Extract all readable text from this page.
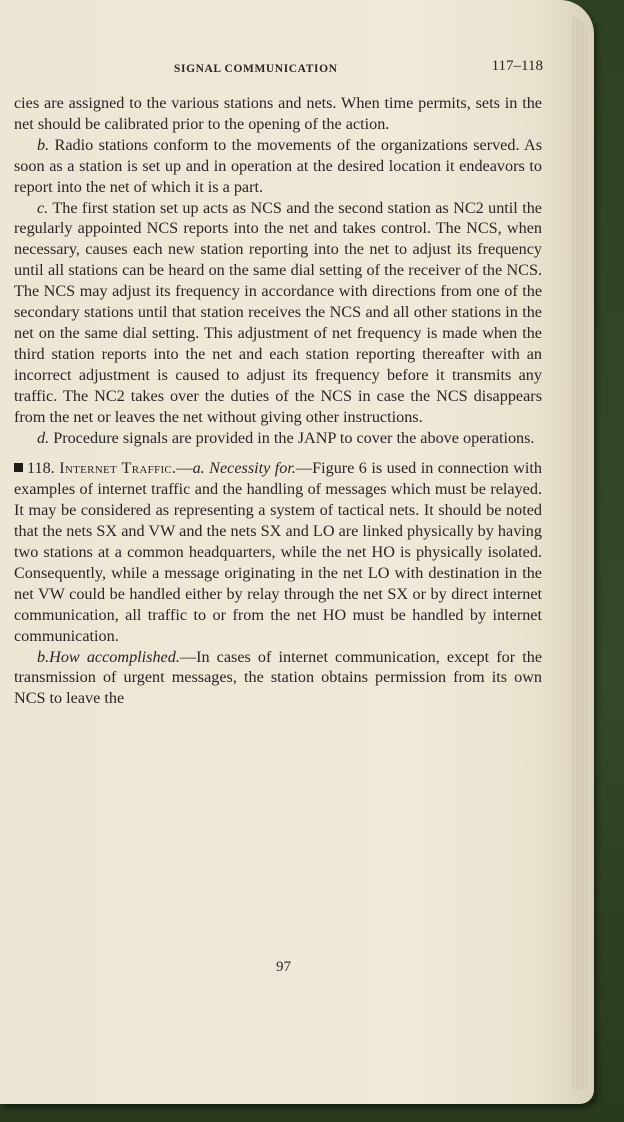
SIGNAL COMMUNICATION	117–118

cies are assigned to the various stations and nets. When time permits, sets in the net should be calibrated prior to the opening of the action.

b. Radio stations conform to the movements of the organizations served. As soon as a station is set up and in operation at the desired location it endeavors to report into the net of which it is a part.

c. The first station set up acts as NCS and the second station as NC2 until the regularly appointed NCS reports into the net and takes control. The NCS, when necessary, causes each new station reporting into the net to adjust its frequency until all stations can be heard on the same dial setting of the receiver of the NCS. The NCS may adjust its frequency in accordance with directions from one of the secondary stations until that station receives the NCS and all other stations in the net on the same dial setting. This adjustment of net frequency is made when the third station reports into the net and each station reporting thereafter with an incorrect adjustment is caused to adjust its frequency before it transmits any traffic. The NC2 takes over the duties of the NCS in case the NCS disappears from the net or leaves the net without giving other instructions.

d. Procedure signals are provided in the JANP to cover the above operations.

118. Internet Traffic.—a. Necessity for.—Figure 6 is used in connection with examples of internet traffic and the handling of messages which must be relayed. It may be considered as representing a system of tactical nets. It should be noted that the nets SX and VW and the nets SX and LO are linked physically by having two stations at a common headquarters, while the net HO is physically isolated. Consequently, while a message originating in the net LO with destination in the net VW could be handled either by relay through the net SX or by direct internet communication, all traffic to or from the net HO must be handled by internet communication.

b.How accomplished.—In cases of internet communication, except for the transmission of urgent messages, the station obtains permission from its own NCS to leave the

97
